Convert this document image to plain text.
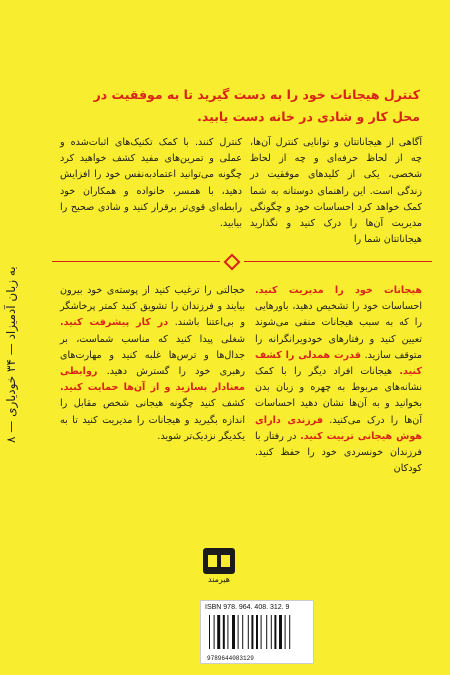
به زبان آدمیزاد — ۳۴ خودیاری — ۸
کنترل هیجانات خود را به دست گیرید تا به موفقیت در محل کار و شادی در خانه دست یابید.
آگاهی از هیجاناتتان و توانایی کنترل آن‌ها، چه از لحاظ حرفه‌ای و چه از لحاظ شخصی، یکی از کلیدهای موفقیت در زندگی است. این راهنمای دوستانه به شما کمک خواهد کرد احساسات خود و چگونگی مدیریت آن‌ها را درک کنید و نگذارید هیجاناتتان شما را
کنترل کنند. با کمک تکنیک‌های اثبات‌شده و عملی و تمرین‌های مفید کشف خواهید کرد چگونه می‌توانید اعتمادبه‌نفس خود را افزایش دهید، با همسر، خانواده و همکاران خود رابطه‌ای قوی‌تر برقرار کنید و شادی صحیح را بیابید.
هیجانات خود را مدیریت کنید. احساسات خود را تشخیص دهید، باورهایی را که به سبب هیجانات منفی می‌شوند تعیین کنید و رفتارهای خودویرانگرانه را متوقف سازید. قدرت همدلی را کشف کنید. هیجانات افراد دیگر را با کمک نشانه‌های مربوط به چهره و زبان بدن بخوانید و به آن‌ها نشان دهید احساسات آن‌ها را درک می‌کنید. فرزندی دارای هوش هیجانی تربیت کنید. در رفتار با فرزندان خونسردی خود را حفظ کنید. کودکان
خجالتی را ترغیب کنید از پوسته‌ی خود بیرون بیایند و فرزندان را تشویق کنید کمتر پرخاشگر و بی‌اعتنا باشند. در کار پیشرفت کنید. شغلی پیدا کنید که مناسب شماست، بر جدال‌ها و ترس‌ها غلبه کنید و مهارت‌های رهبری خود را گسترش دهید. روابطی معنادار بسازید و از آن‌ها حمایت کنید. کشف کنید چگونه هیجانی شخص مقابل را اندازه بگیرید و هیجانات را مدیریت کنید تا به یکدیگر نزدیک‌تر شوید.
هیرمند
ISBN 978. 964. 408. 312. 9
9789644083129
